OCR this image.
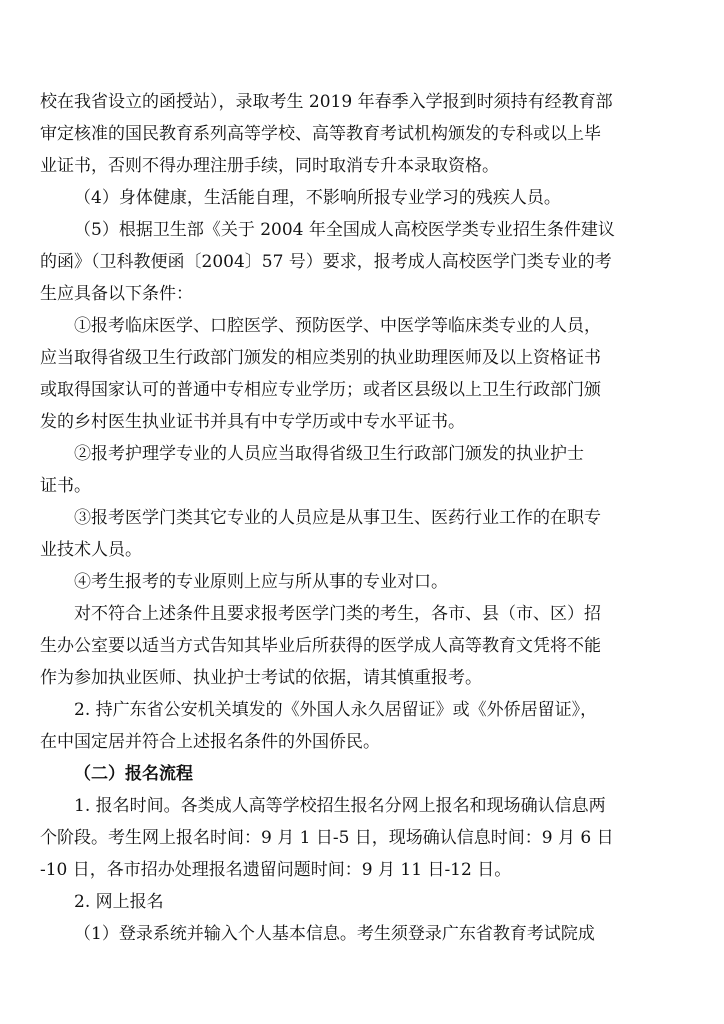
校在我省设立的函授站），录取考生 2019 年春季入学报到时须持有经教育部
审定核准的国民教育系列高等学校、高等教育考试机构颁发的专科或以上毕
业证书，否则不得办理注册手续，同时取消专升本录取资格。
（4）身体健康，生活能自理，不影响所报专业学习的残疾人员。
（5）根据卫生部《关于 2004 年全国成人高校医学类专业招生条件建议
的函》（卫科教便函〔2004〕57 号）要求，报考成人高校医学门类专业的考
生应具备以下条件：
①报考临床医学、口腔医学、预防医学、中医学等临床类专业的人员，
应当取得省级卫生行政部门颁发的相应类别的执业助理医师及以上资格证书
或取得国家认可的普通中专相应专业学历；或者区县级以上卫生行政部门颁
发的乡村医生执业证书并具有中专学历或中专水平证书。
②报考护理学专业的人员应当取得省级卫生行政部门颁发的执业护士
证书。
③报考医学门类其它专业的人员应是从事卫生、医药行业工作的在职专
业技术人员。
④考生报考的专业原则上应与所从事的专业对口。
对不符合上述条件且要求报考医学门类的考生，各市、县（市、区）招
生办公室要以适当方式告知其毕业后所获得的医学成人高等教育文凭将不能
作为参加执业医师、执业护士考试的依据，请其慎重报考。
2. 持广东省公安机关填发的《外国人永久居留证》或《外侨居留证》，
在中国定居并符合上述报名条件的外国侨民。
（二）报名流程
1. 报名时间。各类成人高等学校招生报名分网上报名和现场确认信息两
个阶段。考生网上报名时间：9 月 1 日-5 日，现场确认信息时间：9 月 6 日
-10 日，各市招办处理报名遗留问题时间：9 月 11 日-12 日。
2. 网上报名
（1）登录系统并输入个人基本信息。考生须登录广东省教育考试院成
